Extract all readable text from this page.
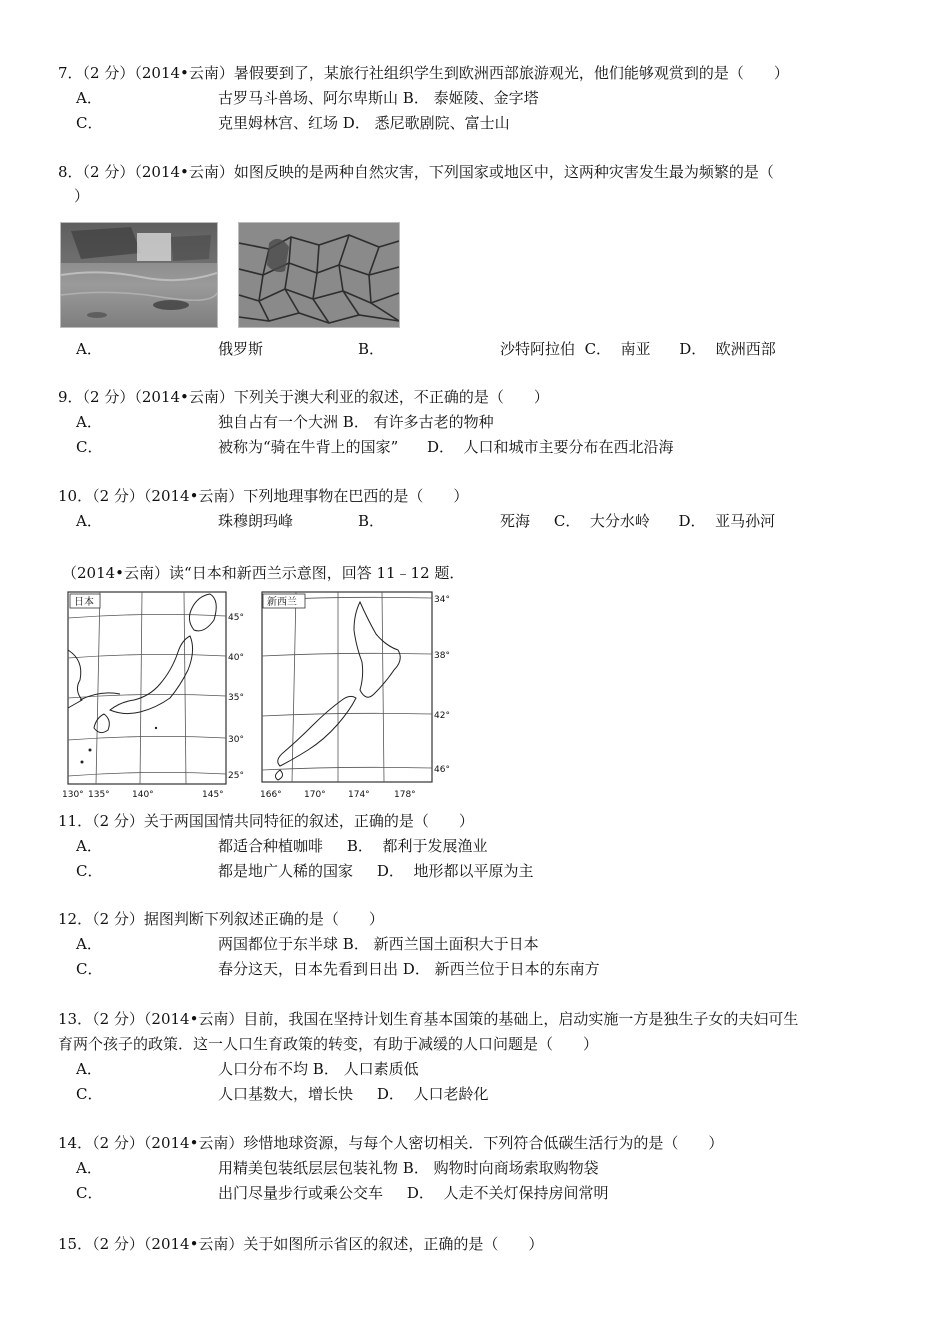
7．（2 分）（2014•云南）暑假要到了，某旅行社组织学生到欧洲西部旅游观光，他们能够观赏到的是（　　）
A．	古罗马斗兽场、阿尔卑斯山 B． 泰姬陵、金字塔
C．	克里姆林宫、红场 D． 悉尼歌剧院、富士山
8．（2 分）（2014•云南）如图反映的是两种自然灾害，下列国家或地区中，这两种灾害发生最为频繁的是（
）
A．	俄罗斯	B．	沙特阿拉伯 C． 南亚 D． 欧洲西部
9．（2 分）（2014•云南）下列关于澳大利亚的叙述，不正确的是（　　）
A．	独自占有一个大洲 B． 有许多古老的物种
C．	被称为“骑在牛背上的国家” D． 人口和城市主要分布在西北沿海
10．（2 分）（2014•云南）下列地理事物在巴西的是（　　）
A．	珠穆朗玛峰	B．	死海 C． 大分水岭 D． 亚马孙河
（2014•云南）读“日本和新西兰示意图，回答 11﹣12 题．
日本
45°
40°
35°
30°
25°
130° 135° 140°	145°
新西兰	34°
38°
42°
46°
166° 170° 174°	178°
11．（2 分）关于两国国情共同特征的叙述，正确的是（　　）
A．	都适合种植咖啡 B． 都利于发展渔业
C．	都是地广人稀的国家 D． 地形都以平原为主
12．（2 分）据图判断下列叙述正确的是（　　）
A．	两国都位于东半球 B． 新西兰国土面积大于日本
C．	春分这天，日本先看到日出 D． 新西兰位于日本的东南方
13．（2 分）（2014•云南）目前，我国在坚持计划生育基本国策的基础上，启动实施一方是独生子女的夫妇可生
育两个孩子的政策．这一人口生育政策的转变，有助于减缓的人口问题是（　　）
A．	人口分布不均 B． 人口素质低
C．	人口基数大，增长快 D． 人口老龄化
14．（2 分）（2014•云南）珍惜地球资源，与每个人密切相关．下列符合低碳生活行为的是（　　）
A．	用精美包装纸层层包装礼物 B． 购物时向商场索取购物袋
C．	出门尽量步行或乘公交车 D． 人走不关灯保持房间常明
15．（2 分）（2014•云南）关于如图所示省区的叙述，正确的是（　　）
